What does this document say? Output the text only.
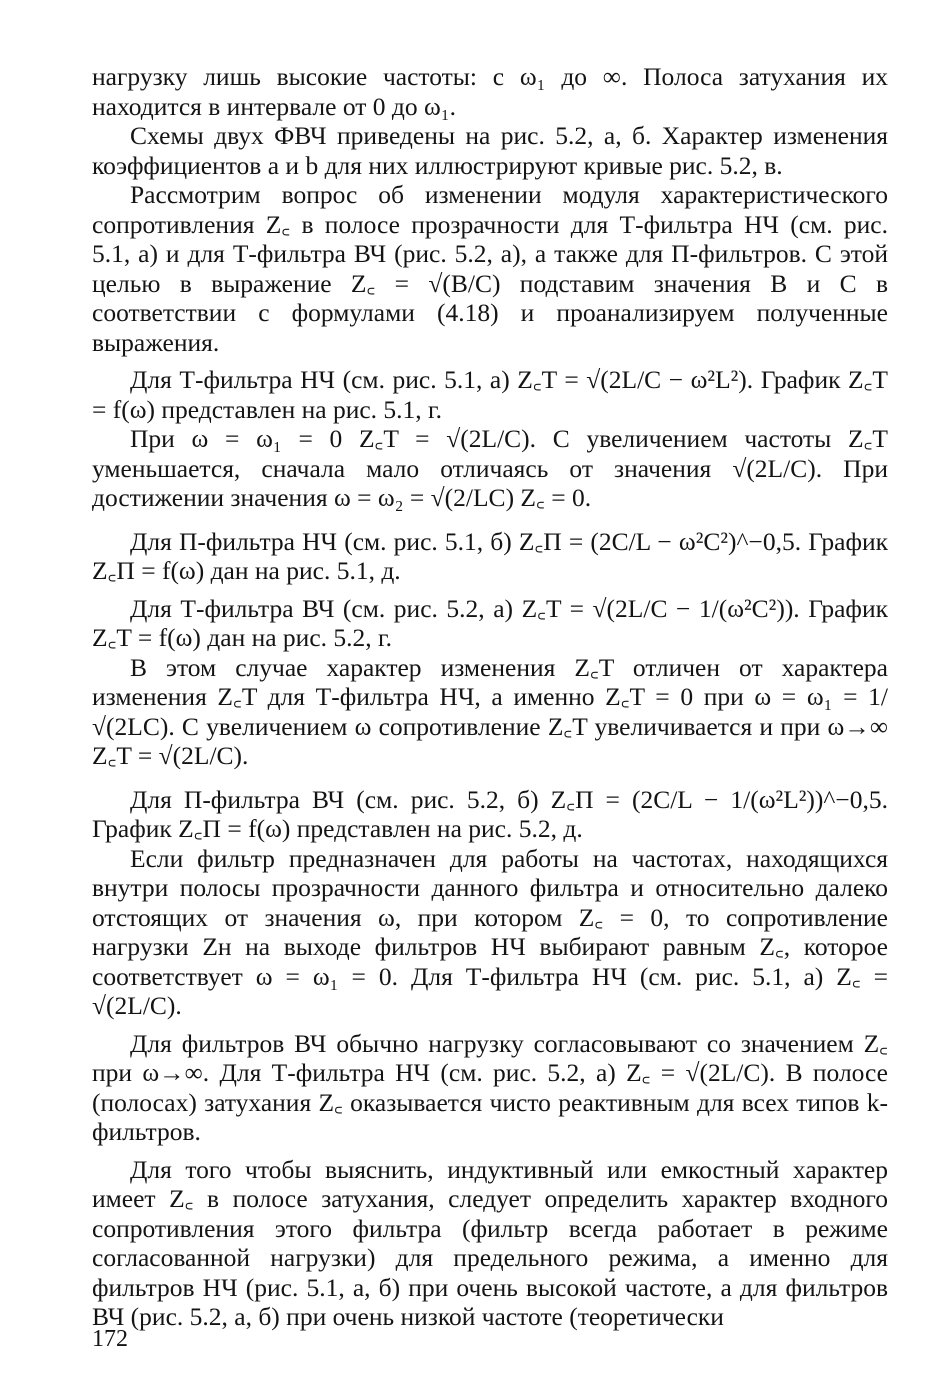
нагрузку лишь высокие частоты: с ω₁ до ∞. Полоса затухания их находится в интервале от 0 до ω₁.

Схемы двух ФВЧ приведены на рис. 5.2, а, б. Характер изменения коэффициентов a и b для них иллюстрируют кривые рис. 5.2, в.

Рассмотрим вопрос об изменении модуля характеристического сопротивления Z꜀ в полосе прозрачности для Т-фильтра НЧ (см. рис. 5.1, а) и для Т-фильтра ВЧ (рис. 5.2, а), а также для П-фильтров. С этой целью в выражение Z꜀ = √(B/C) подставим значения B и C в соответствии с формулами (4.18) и проанализируем полученные выражения.

Для Т-фильтра НЧ (см. рис. 5.1, а) Z꜀T = √(2L/C − ω²L²). График Z꜀T = f(ω) представлен на рис. 5.1, г.

При ω = ω₁ = 0 Z꜀T = √(2L/C). С увеличением частоты Z꜀T уменьшается, сначала мало отличаясь от значения √(2L/C). При достижении значения ω = ω₂ = √(2/LC) Z꜀ = 0.

Для П-фильтра НЧ (см. рис. 5.1, б) Z꜀П = (2C/L − ω²C²)^−0,5. График Z꜀П = f(ω) дан на рис. 5.1, д.

Для Т-фильтра ВЧ (см. рис. 5.2, а) Z꜀T = √(2L/C − 1/(ω²C²)). График Z꜀T = f(ω) дан на рис. 5.2, г.

В этом случае характер изменения Z꜀T отличен от характера изменения Z꜀T для Т-фильтра НЧ, а именно Z꜀T = 0 при ω = ω₁ = 1/√(2LC). С увеличением ω сопротивление Z꜀T увеличивается и при ω→∞ Z꜀T = √(2L/C).

Для П-фильтра ВЧ (см. рис. 5.2, б) Z꜀П = (2C/L − 1/(ω²L²))^−0,5. График Z꜀П = f(ω) представлен на рис. 5.2, д.

Если фильтр предназначен для работы на частотах, находящихся внутри полосы прозрачности данного фильтра и относительно далеко отстоящих от значения ω, при котором Z꜀ = 0, то сопротивление нагрузки Zн на выходе фильтров НЧ выбирают равным Z꜀, которое соответствует ω = ω₁ = 0. Для Т-фильтра НЧ (см. рис. 5.1, а) Z꜀ = √(2L/C).

Для фильтров ВЧ обычно нагрузку согласовывают со значением Z꜀ при ω→∞. Для Т-фильтра НЧ (см. рис. 5.2, а) Z꜀ = √(2L/C). В полосе (полосах) затухания Z꜀ оказывается чисто реактивным для всех типов k-фильтров.

Для того чтобы выяснить, индуктивный или емкостный характер имеет Z꜀ в полосе затухания, следует определить характер входного сопротивления этого фильтра (фильтр всегда работает в режиме согласованной нагрузки) для предельного режима, а именно для фильтров НЧ (рис. 5.1, а, б) при очень высокой частоте, а для фильтров ВЧ (рис. 5.2, а, б) при очень низкой частоте (теоретически

172
